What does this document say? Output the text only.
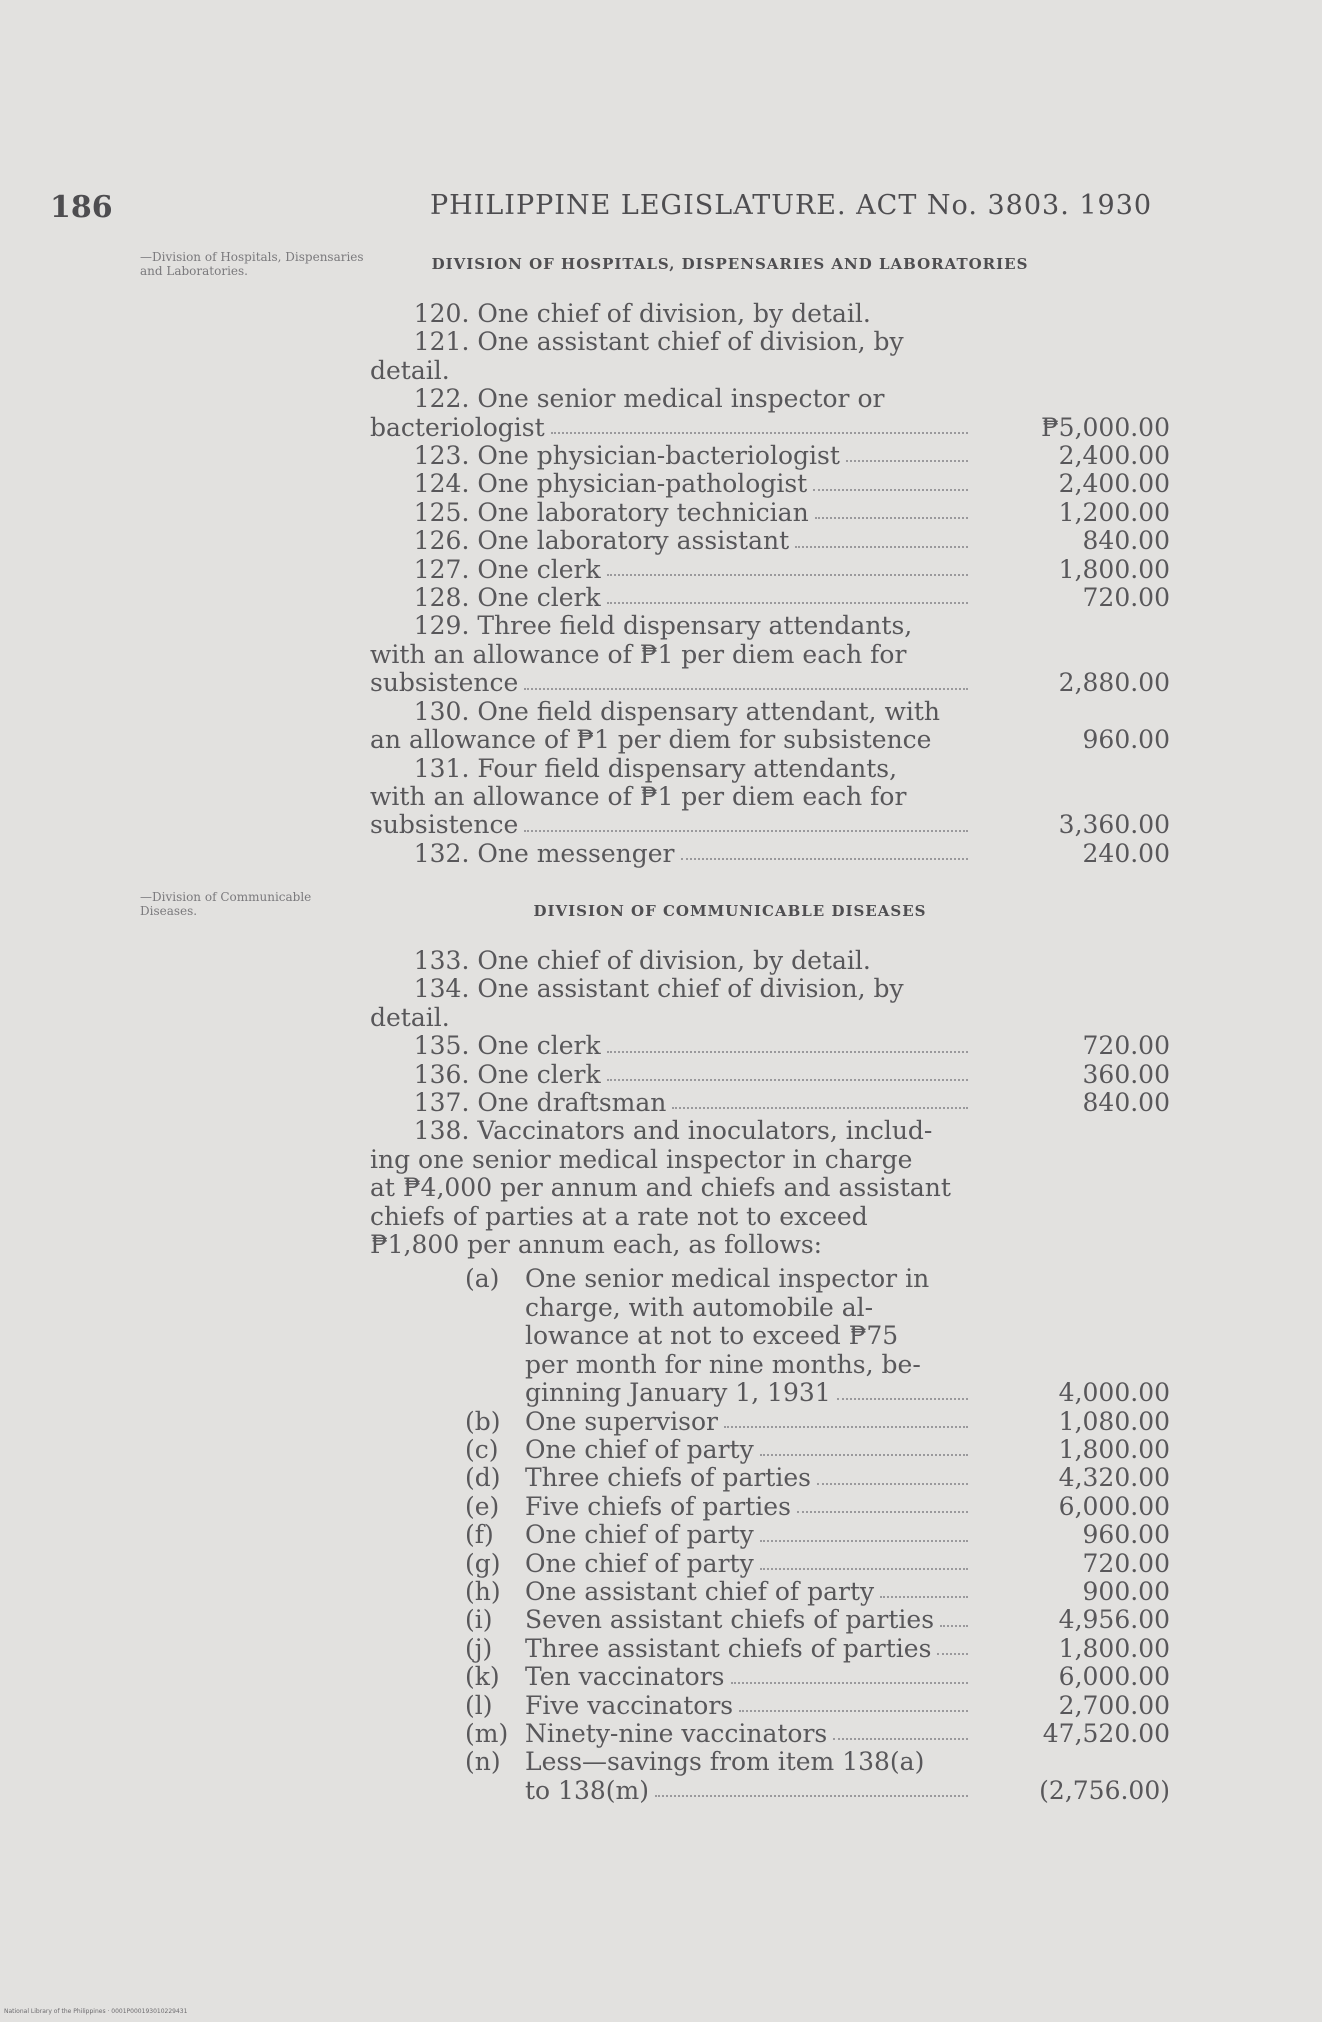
186	PHILIPPINE LEGISLATURE. ACT No. 3803. 1930
—Division of Hospitals, Dispensaries and Laboratories.	DIVISION OF HOSPITALS, DISPENSARIES AND LABORATORIES
120. One chief of division, by detail.
121. One assistant chief of division, by
detail.
122. One senior medical inspector or
bacteriologist	₱5,000.00
123. One physician-bacteriologist	2,400.00
124. One physician-pathologist	2,400.00
125. One laboratory technician	1,200.00
126. One laboratory assistant	840.00
127. One clerk	1,800.00
128. One clerk	720.00
129. Three field dispensary attendants,
with an allowance of ₱1 per diem each for
subsistence	2,880.00
130. One field dispensary attendant, with
an allowance of ₱1 per diem for subsistence	960.00
131. Four field dispensary attendants,
with an allowance of ₱1 per diem each for
subsistence	3,360.00
132. One messenger	240.00
—Division of Communicable Diseases.	DIVISION OF COMMUNICABLE DISEASES
133. One chief of division, by detail.
134. One assistant chief of division, by
detail.
135. One clerk	720.00
136. One clerk	360.00
137. One draftsman	840.00
138. Vaccinators and inoculators, includ-
ing one senior medical inspector in charge
at ₱4,000 per annum and chiefs and assistant
chiefs of parties at a rate not to exceed
₱1,800 per annum each, as follows:
(a)	One senior medical inspector in
charge, with automobile al-
lowance at not to exceed ₱75
per month for nine months, be-
ginning January 1, 1931	4,000.00
(b) One supervisor	1,080.00
(c)	One chief of party	1,800.00
(d) Three chiefs of parties	4,320.00
(e)	Five chiefs of parties	6,000.00
(f)	One chief of party	960.00
(g) One chief of party	720.00
(h) One assistant chief of party	900.00
(i)	Seven assistant chiefs of parties	4,956.00
(j)	Three assistant chiefs of parties	1,800.00
(k)	Ten vaccinators	6,000.00
(l)	Five vaccinators	2,700.00
(m) Ninety-nine vaccinators	47,520.00
(n) Less—savings from item 138(a)
to 138(m)	(2,756.00)
National Library of the Philippines · 0001P000193010229431
